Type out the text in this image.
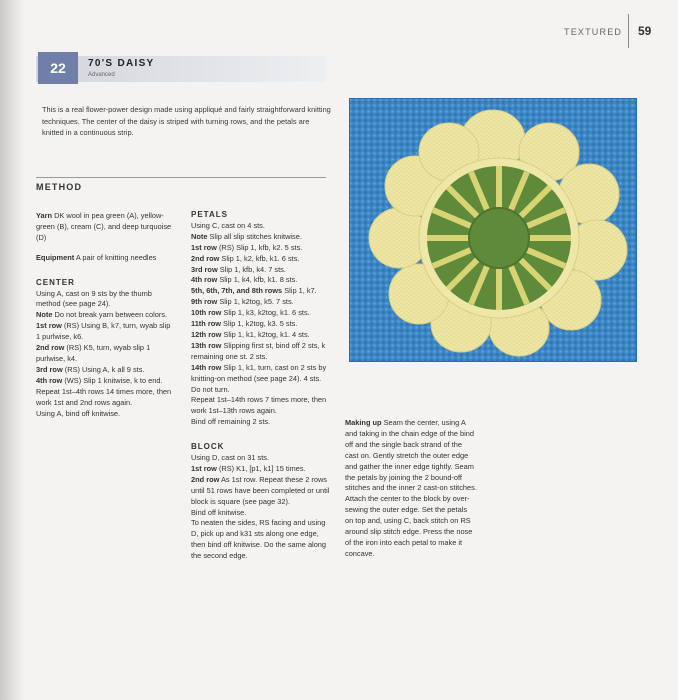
TEXTURED 59
22	70'S DAISY
Advanced

This is a real flower-power design made using appliqué and fairly straightforward knitting techniques. The center of the daisy is striped with turning rows, and the petals are knitted in a continuous strip.

METHOD

Yarn DK wool in pea green (A), yellow-green (B), cream (C), and deep turquoise (D)

Equipment A pair of knitting needles

CENTER

Using A, cast on 9 sts by the thumb method (see page 24).

Note Do not break yarn between colors.

1st row (RS) Using B, k7, turn, wyab slip 1 purlwise, k6.

2nd row (RS) K5, turn, wyab slip 1 purlwise, k4.

3rd row (RS) Using A, k all 9 sts.

4th row (WS) Slip 1 knitwise, k to end.

Repeat 1st–4th rows 14 times more, then work 1st and 2nd rows again.

Using A, bind off knitwise.

PETALS

Using C, cast on 4 sts.

Note Slip all slip stitches knitwise.

1st row (RS) Slip 1, kfb, k2. 5 sts.

2nd row Slip 1, k2, kfb, k1. 6 sts.

3rd row Slip 1, kfb, k4. 7 sts.

4th row Slip 1, k4, kfb, k1. 8 sts.

5th, 6th, 7th, and 8th rows Slip 1, k7.

9th row Slip 1, k2tog, k5. 7 sts.

10th row Slip 1, k3, k2tog, k1. 6 sts.

11th row Slip 1, k2tog, k3. 5 sts.

12th row Slip 1, k1, k2tog, k1. 4 sts.

13th row Slipping first st, bind off 2 sts, k remaining one st. 2 sts.

14th row Slip 1, k1, turn, cast on 2 sts by knitting-on method (see page 24). 4 sts.

Do not turn.

Repeat 1st–14th rows 7 times more, then work 1st–13th rows again.

Bind off remaining 2 sts.

BLOCK

Using D, cast on 31 sts.

1st row (RS) K1, [p1, k1] 15 times.

2nd row As 1st row. Repeat these 2 rows until 51 rows have been completed or until block is square (see page 32).

Bind off knitwise.

To neaten the sides, RS facing and using D, pick up and k31 sts along one edge, then bind off knitwise. Do the same along the second edge.

Making up Seam the center, using A and taking in the chain edge of the bind off and the single back strand of the cast on. Gently stretch the outer edge and gather the inner edge tightly. Seam the petals by joining the 2 bound-off stitches and the inner 2 cast-on stitches. Attach the center to the block by over-sewing the outer edge. Set the petals on top and, using C, back stitch on RS around slip stitch edge. Press the nose of the iron into each petal to make it concave.
